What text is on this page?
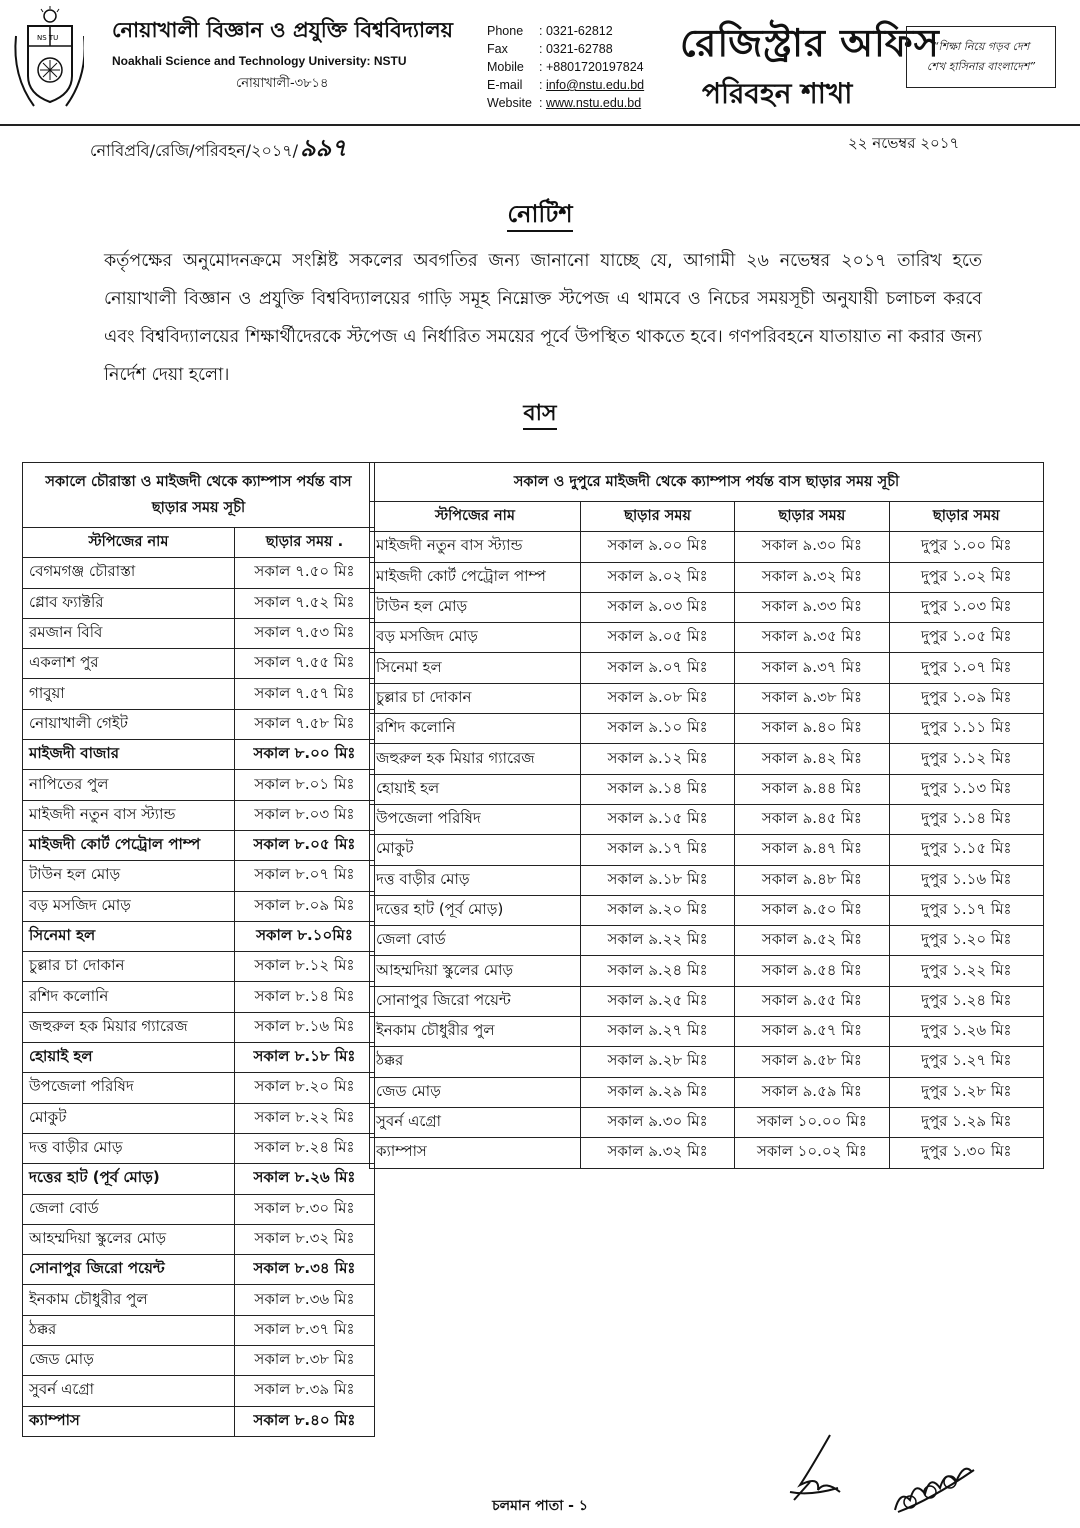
NS TU	নোয়াখালী বিজ্ঞান ও প্রযুক্তি বিশ্ববিদ্যালয়
Noakhali Science and Technology University: NSTU
নোয়াখালী-৩৮১৪
Phone : 0321-62812
Fax : 0321-62788
Mobile : +8801720197824
E-mail : info@nstu.edu.bd
Website : www.nstu.edu.bd
রেজিস্ট্রার অফিস
পরিবহন শাখা
“শিক্ষা নিয়ে গড়ব দেশ
শেখ হাসিনার বাংলাদেশ”
নোবিপ্রবি/রেজি/পরিবহন/২০১৭/৯৯৭	২২ নভেম্বর ২০১৭
নোটিশ
কর্তৃপক্ষের অনুমোদনক্রমে সংশ্লিষ্ট সকলের অবগতির জন্য জানানো যাচ্ছে যে, আগামী ২৬ নভেম্বর ২০১৭ তারিখ হতে নোয়াখালী বিজ্ঞান ও প্রযুক্তি বিশ্ববিদ্যালয়ের গাড়ি সমূহ নিম্নোক্ত স্টপেজ এ থামবে ও নিচের সময়সূচী অনুযায়ী চলাচল করবে এবং বিশ্ববিদ্যালয়ের শিক্ষার্থীদেরকে স্টপেজ এ নির্ধারিত সময়ের পূর্বে উপস্থিত থাকতে হবে। গণপরিবহনে যাতায়াত না করার জন্য নির্দেশ দেয়া হলো।
বাস
সকালে চৌরাস্তা ও মাইজদী থেকে ক্যাম্পাস পর্যন্ত বাস ছাড়ার সময় সূচী	
স্টপিজের নাম	ছাড়ার সময় .
বেগমগঞ্জ চৌরাস্তা	সকাল ৭.৫০ মিঃ
গ্লোব ফ্যাক্টরি	সকাল ৭.৫২ মিঃ
রমজান বিবি	সকাল ৭.৫৩ মিঃ
একলাশ পুর	সকাল ৭.৫৫ মিঃ
গাবুয়া	সকাল ৭.৫৭ মিঃ
নোয়াখালী গেইট	সকাল ৭.৫৮ মিঃ
মাইজদী বাজার	সকাল ৮.০০ মিঃ
নাপিতের পুল	সকাল ৮.০১ মিঃ
মাইজদী নতুন বাস স্ট্যান্ড	সকাল ৮.০৩ মিঃ
মাইজদী কোর্ট পেট্রোল পাম্প	সকাল ৮.০৫ মিঃ
টাউন হল মোড়	সকাল ৮.০৭ মিঃ
বড় মসজিদ মোড়	সকাল ৮.০৯ মিঃ
সিনেমা হল	সকাল ৮.১০মিঃ
চুল্লার চা দোকান	সকাল ৮.১২ মিঃ
রশিদ কলোনি	সকাল ৮.১৪ মিঃ
জহুরুল হক মিয়ার গ্যারেজ	সকাল ৮.১৬ মিঃ
হোয়াই হল	সকাল ৮.১৮ মিঃ
উপজেলা পরিষিদ	সকাল ৮.২০ মিঃ
মোকুট	সকাল ৮.২২ মিঃ
দত্ত বাড়ীর মোড়	সকাল ৮.২৪ মিঃ
দত্তের হাট (পূর্ব মোড়)	সকাল ৮.২৬ মিঃ
জেলা বোর্ড	সকাল ৮.৩০ মিঃ
আহম্মদিয়া স্কুলের মোড়	সকাল ৮.৩২ মিঃ
সোনাপুর জিরো পয়েন্ট	সকাল ৮.৩৪ মিঃ
ইনকাম চৌধুরীর পুল	সকাল ৮.৩৬ মিঃ
ঠক্কর	সকাল ৮.৩৭ মিঃ
জেড মোড়	সকাল ৮.৩৮ মিঃ
সুবর্ন এগ্রো	সকাল ৮.৩৯ মিঃ
ক্যাম্পাস	সকাল ৮.৪০ মিঃ
সকাল ও দুপুরে মাইজদী থেকে ক্যাম্পাস পর্যন্ত বাস ছাড়ার সময় সূচী			
স্টপিজের নাম	ছাড়ার সময়	ছাড়ার সময়	ছাড়ার সময়
মাইজদী নতুন বাস স্ট্যান্ড	সকাল ৯.০০ মিঃ	সকাল ৯.৩০ মিঃ	দুপুর ১.০০ মিঃ
মাইজদী কোর্ট পেট্রোল পাম্প	সকাল ৯.০২ মিঃ	সকাল ৯.৩২ মিঃ	দুপুর ১.০২ মিঃ
টাউন হল মোড়	সকাল ৯.০৩ মিঃ	সকাল ৯.৩৩ মিঃ	দুপুর ১.০৩ মিঃ
বড় মসজিদ মোড়	সকাল ৯.০৫ মিঃ	সকাল ৯.৩৫ মিঃ	দুপুর ১.০৫ মিঃ
সিনেমা হল	সকাল ৯.০৭ মিঃ	সকাল ৯.৩৭ মিঃ	দুপুর ১.০৭ মিঃ
চুল্লার চা দোকান	সকাল ৯.০৮ মিঃ	সকাল ৯.৩৮ মিঃ	দুপুর ১.০৯ মিঃ
রশিদ কলোনি	সকাল ৯.১০ মিঃ	সকাল ৯.৪০ মিঃ	দুপুর ১.১১ মিঃ
জহুরুল হক মিয়ার গ্যারেজ	সকাল ৯.১২ মিঃ	সকাল ৯.৪২ মিঃ	দুপুর ১.১২ মিঃ
হোয়াই হল	সকাল ৯.১৪ মিঃ	সকাল ৯.৪৪ মিঃ	দুপুর ১.১৩ মিঃ
উপজেলা পরিষিদ	সকাল ৯.১৫ মিঃ	সকাল ৯.৪৫ মিঃ	দুপুর ১.১৪ মিঃ
মোকুট	সকাল ৯.১৭ মিঃ	সকাল ৯.৪৭ মিঃ	দুপুর ১.১৫ মিঃ
দত্ত বাড়ীর মোড়	সকাল ৯.১৮ মিঃ	সকাল ৯.৪৮ মিঃ	দুপুর ১.১৬ মিঃ
দত্তের হাট (পূর্ব মোড়)	সকাল ৯.২০ মিঃ	সকাল ৯.৫০ মিঃ	দুপুর ১.১৭ মিঃ
জেলা বোর্ড	সকাল ৯.২২ মিঃ	সকাল ৯.৫২ মিঃ	দুপুর ১.২০ মিঃ
আহম্মদিয়া স্কুলের মোড়	সকাল ৯.২৪ মিঃ	সকাল ৯.৫৪ মিঃ	দুপুর ১.২২ মিঃ
সোনাপুর জিরো পয়েন্ট	সকাল ৯.২৫ মিঃ	সকাল ৯.৫৫ মিঃ	দুপুর ১.২৪ মিঃ
ইনকাম চৌধুরীর পুল	সকাল ৯.২৭ মিঃ	সকাল ৯.৫৭ মিঃ	দুপুর ১.২৬ মিঃ
ঠক্কর	সকাল ৯.২৮ মিঃ	সকাল ৯.৫৮ মিঃ	দুপুর ১.২৭ মিঃ
জেড মোড়	সকাল ৯.২৯ মিঃ	সকাল ৯.৫৯ মিঃ	দুপুর ১.২৮ মিঃ
সুবর্ন এগ্রো	সকাল ৯.৩০ মিঃ	সকাল ১০.০০ মিঃ	দুপুর ১.২৯ মিঃ
ক্যাম্পাস	সকাল ৯.৩২ মিঃ	সকাল ১০.০২ মিঃ	দুপুর ১.৩০ মিঃ
চলমান পাতা - ১
